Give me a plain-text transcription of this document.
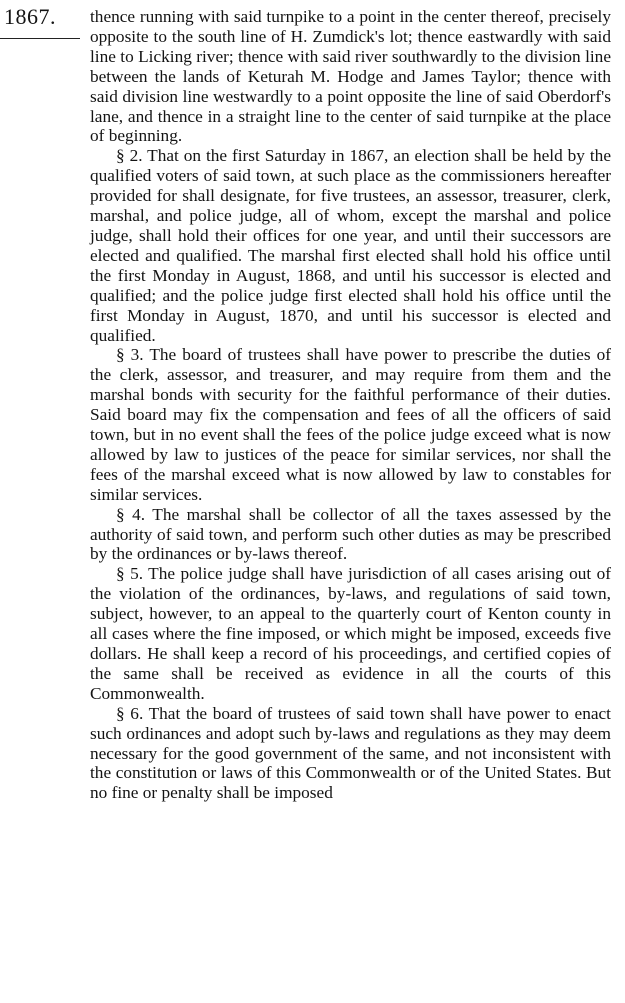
1867. thence running with said turnpike to a point in the center thereof, precisely opposite to the south line of H. Zumdick's lot; thence eastwardly with said line to Licking river; thence with said river southwardly to the division line between the lands of Keturah M. Hodge and James Taylor; thence with said division line westwardly to a point opposite the line of said Oberdorf's lane, and thence in a straight line to the center of said turnpike at the place of beginning.

§ 2. That on the first Saturday in 1867, an election shall be held by the qualified voters of said town, at such place as the commissioners hereafter provided for shall designate, for five trustees, an assessor, treasurer, clerk, marshal, and police judge, all of whom, except the marshal and police judge, shall hold their offices for one year, and until their successors are elected and qualified. The marshal first elected shall hold his office until the first Monday in August, 1868, and until his successor is elected and qualified; and the police judge first elected shall hold his office until the first Monday in August, 1870, and until his successor is elected and qualified.

§ 3. The board of trustees shall have power to prescribe the duties of the clerk, assessor, and treasurer, and may require from them and the marshal bonds with security for the faithful performance of their duties. Said board may fix the compensation and fees of all the officers of said town, but in no event shall the fees of the police judge exceed what is now allowed by law to justices of the peace for similar services, nor shall the fees of the marshal exceed what is now allowed by law to constables for similar services.

§ 4. The marshal shall be collector of all the taxes assessed by the authority of said town, and perform such other duties as may be prescribed by the ordinances or by-laws thereof.

§ 5. The police judge shall have jurisdiction of all cases arising out of the violation of the ordinances, by-laws, and regulations of said town, subject, however, to an appeal to the quarterly court of Kenton county in all cases where the fine imposed, or which might be imposed, exceeds five dollars. He shall keep a record of his proceedings, and certified copies of the same shall be received as evidence in all the courts of this Commonwealth.

§ 6. That the board of trustees of said town shall have power to enact such ordinances and adopt such by-laws and regulations as they may deem necessary for the good government of the same, and not inconsistent with the constitution or laws of this Commonwealth or of the United States. But no fine or penalty shall be imposed
